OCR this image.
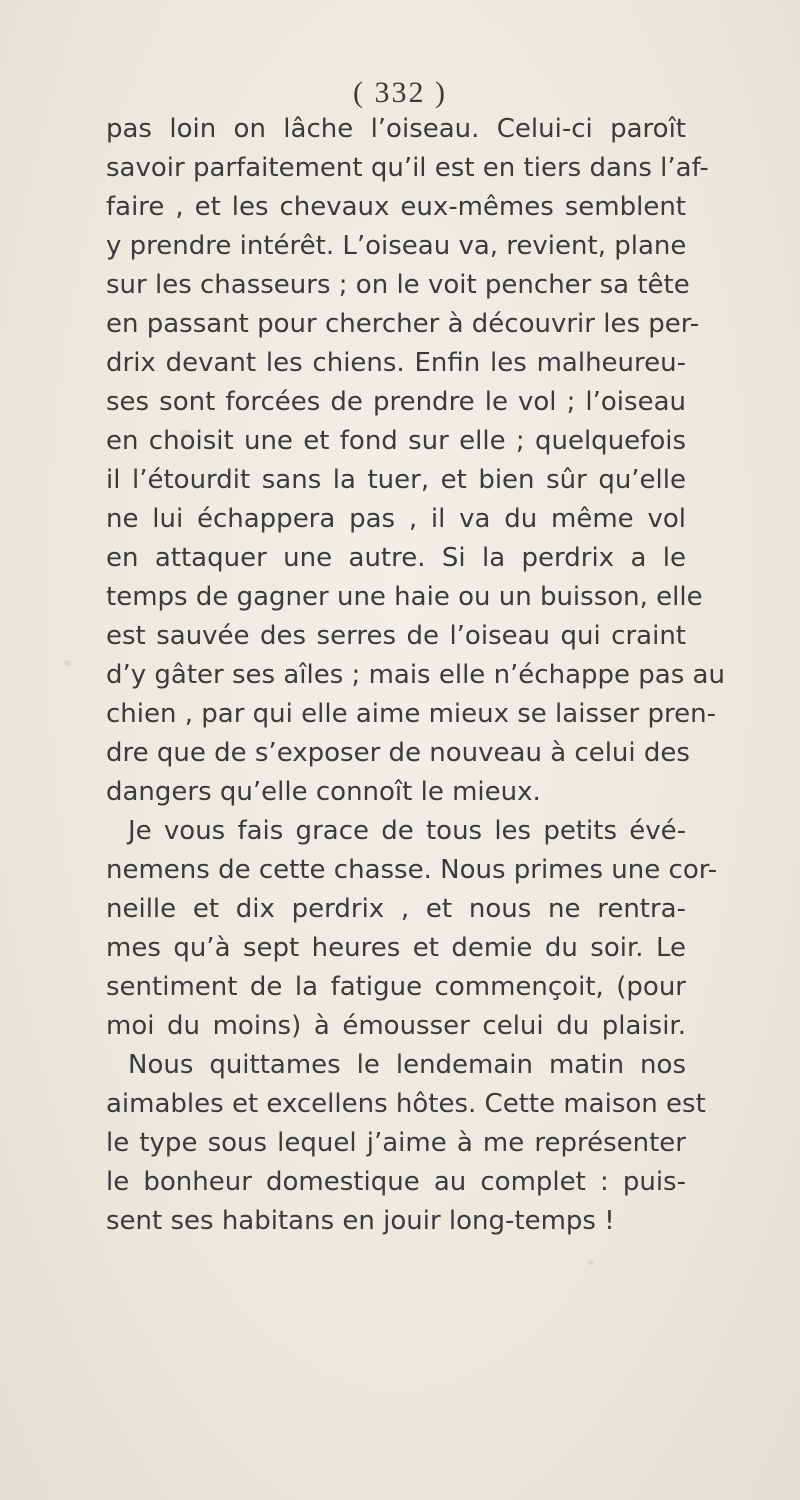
( 332 )
pas loin on lâche l’oiseau. Celui-ci paroît
savoir parfaitement qu’il est en tiers dans l’af-
faire , et les chevaux eux-mêmes semblent
y prendre intérêt. L’oiseau va, revient, plane
sur les chasseurs ; on le voit pencher sa tête
en passant pour chercher à découvrir les per-
drix devant les chiens. Enfin les malheureu-
ses sont forcées de prendre le vol ; l’oiseau
en choisit une et fond sur elle ; quelquefois
il l’étourdit sans la tuer, et bien sûr qu’elle
ne lui échappera pas , il va du même vol
en attaquer une autre. Si la perdrix a le
temps de gagner une haie ou un buisson, elle
est sauvée des serres de l’oiseau qui craint
d’y gâter ses aîles ; mais elle n’échappe pas au
chien , par qui elle aime mieux se laisser pren-
dre que de s’exposer de nouveau à celui des
dangers qu’elle connoît le mieux.
Je vous fais grace de tous les petits évé-
nemens de cette chasse. Nous primes une cor-
neille et dix perdrix , et nous ne rentra-
mes qu’à sept heures et demie du soir. Le
sentiment de la fatigue commençoit, (pour
moi du moins) à émousser celui du plaisir.
Nous quittames le lendemain matin nos
aimables et excellens hôtes. Cette maison est
le type sous lequel j’aime à me représenter
le bonheur domestique au complet : puis-
sent ses habitans en jouir long-temps !
